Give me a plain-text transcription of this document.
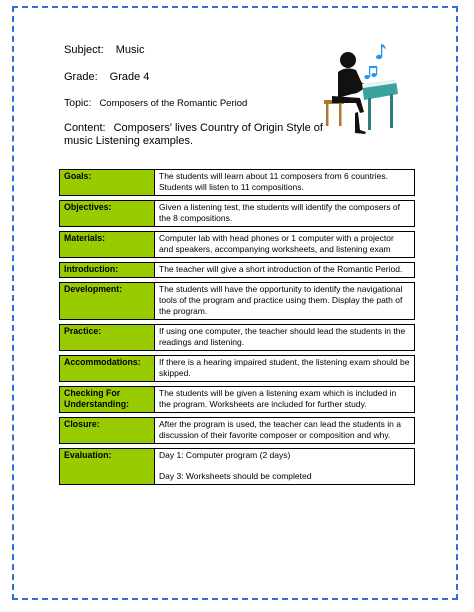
Subject: Music
Grade: Grade 4
Topic: Composers of the Romantic Period
Content: Composers' lives Country of Origin Style of music Listening examples.
Goals:	The students will learn about 11 composers from 6 countries. Students will listen to 11 compositions.

Objectives:	Given a listening test, the students will identify the composers of the 8 compositions.

Materials:	Computer lab with head phones or 1 computer with a projector and speakers, accompanying worksheets, and listening exam

Introduction:	The teacher will give a short introduction of the Romantic Period.

Development:	The students will have the opportunity to identify the navigational tools of the program and practice using them. Display the path of the program.

Practice:	If using one computer, the teacher should lead the students in the readings and listening.

Accommodations:	If there is a hearing impaired student, the listening exam should be skipped.

Checking For Understanding:	The students will be given a listening exam which is included in the program. Worksheets are included for further study.

Closure:	After the program is used, the teacher can lead the students in a discussion of their favorite composer or composition and why.

Evaluation:	Day 1: Computer program (2 days)
Day 3: Worksheets should be completed
